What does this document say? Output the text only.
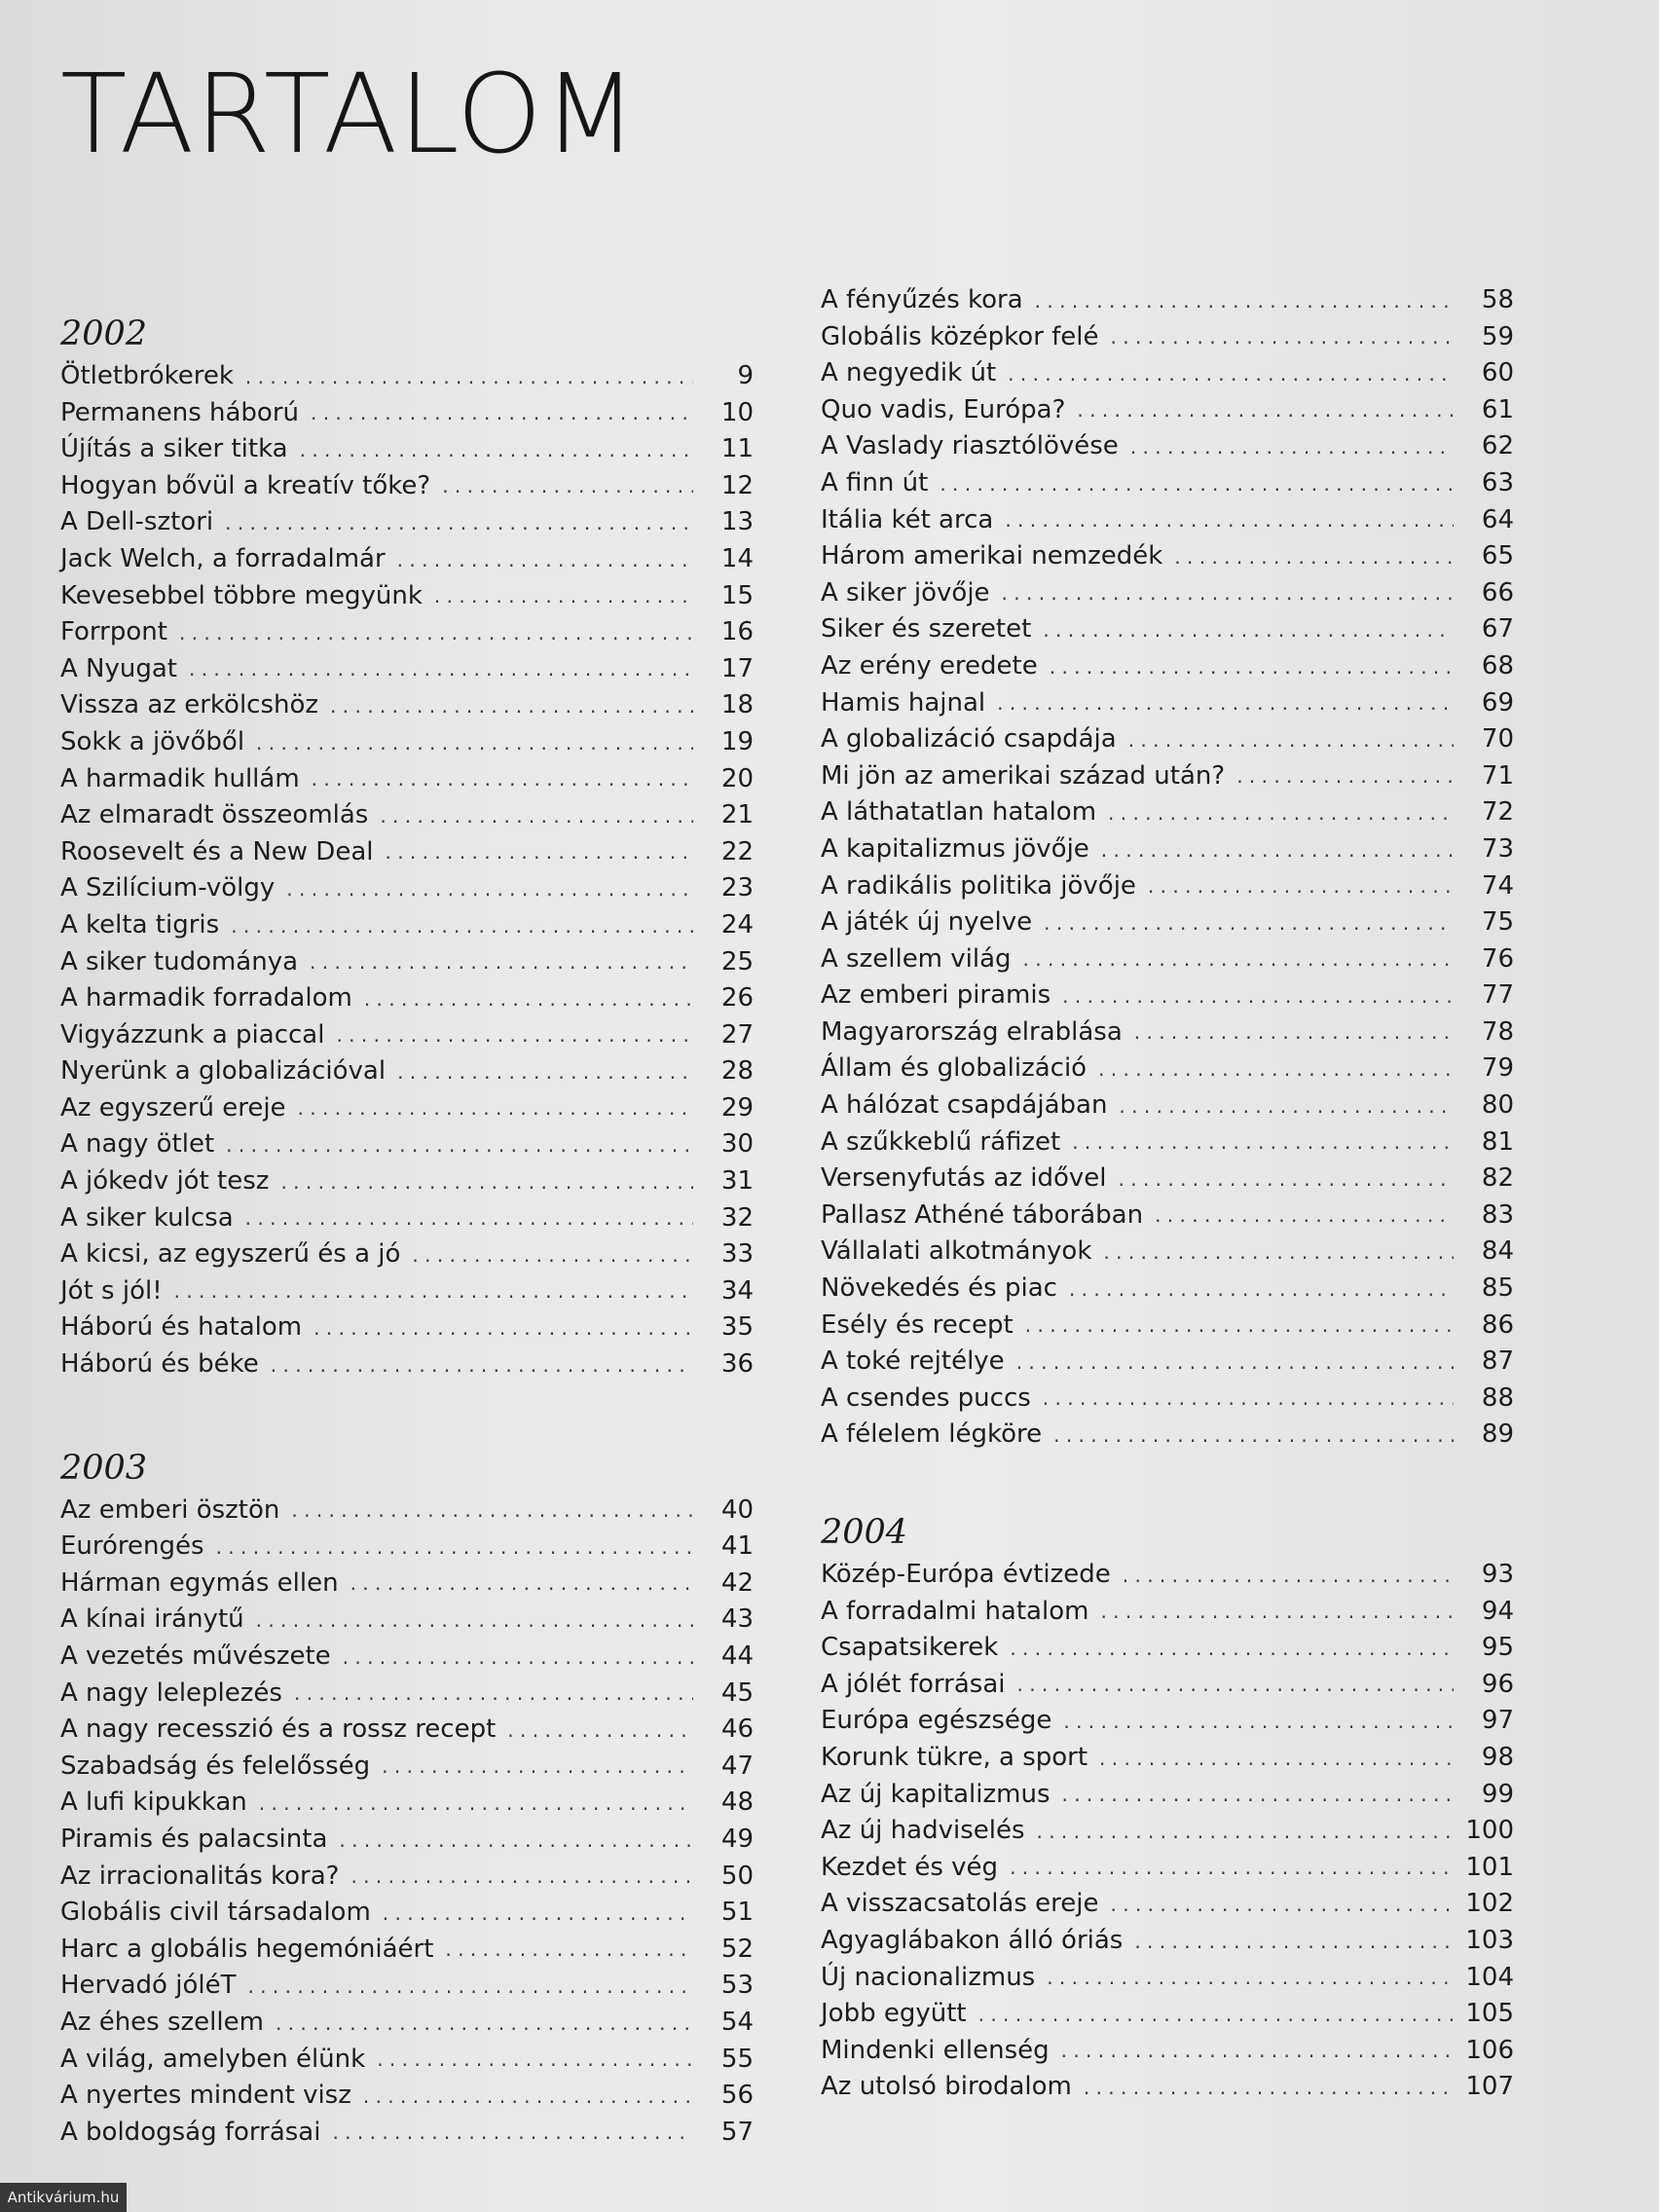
TARTALOM
2002
Ötletbrókerek . . .	9
Permanens háború . . .	10
Újítás a siker titka . . .	11
Hogyan bővül a kreatív tőke? . . .	12
A Dell-sztori . . .	13
Jack Welch, a forradalmár . . .	14
Kevesebbel többre megyünk . . .	15
Forrpont . . .	16
A Nyugat . . .	17
Vissza az erkölcshöz . . .	18
Sokk a jövőből . . .	19
A harmadik hullám . . .	20
Az elmaradt összeomlás . . .	21
Roosevelt és a New Deal . . .	22
A Szilícium-völgy . . .	23
A kelta tigris . . .	24
A siker tudománya . . .	25
A harmadik forradalom . . .	26
Vigyázzunk a piaccal . . .	27
Nyerünk a globalizációval . . .	28
Az egyszerű ereje . . .	29
A nagy ötlet . . .	30
A jókedv jót tesz . . .	31
A siker kulcsa . . .	32
A kicsi, az egyszerű és a jó . . .	33
Jót s jól! . . .	34
Háború és hatalom . . .	35
Háború és béke . . .	36
2003
Az emberi ösztön . . .	40
Eurórengés . . .	41
Hárman egymás ellen . . .	42
A kínai iránytű . . .	43
A vezetés művészete . . .	44
A nagy leleplezés . . .	45
A nagy recesszió és a rossz recept . . .	46
Szabadság és felelősség . . .	47
A lufi kipukkan . . .	48
Piramis és palacsinta . . .	49
Az irracionalitás kora? . . .	50
Globális civil társadalom . . .	51
Harc a globális hegemóniáért . . .	52
Hervadó jóléT . . .	53
Az éhes szellem . . .	54
A világ, amelyben élünk . . .	55
A nyertes mindent visz . . .	56
A boldogság forrásai . . .	57
A fényűzés kora . . .	58
Globális középkor felé . . .	59
A negyedik út . . .	60
Quo vadis, Európa? . . .	61
A Vaslady riasztólövése . . .	62
A finn út . . .	63
Itália két arca . . .	64
Három amerikai nemzedék . . .	65
A siker jövője . . .	66
Siker és szeretet . . .	67
Az erény eredete . . .	68
Hamis hajnal . . .	69
A globalizáció csapdája . . .	70
Mi jön az amerikai század után? . . .	71
A láthatatlan hatalom . . .	72
A kapitalizmus jövője . . .	73
A radikális politika jövője . . .	74
A játék új nyelve . . .	75
A szellem világ . . .	76
Az emberi piramis . . .	77
Magyarország elrablása . . .	78
Állam és globalizáció . . .	79
A hálózat csapdájában . . .	80
A szűkkeblű ráfizet . . .	81
Versenyfutás az idővel . . .	82
Pallasz Athéné táborában . . .	83
Vállalati alkotmányok . . .	84
Növekedés és piac . . .	85
Esély és recept . . .	86
A toké rejtélye . . .	87
A csendes puccs . . .	88
A félelem légköre . . .	89
2004
Közép-Európa évtizede . . .	93
A forradalmi hatalom . . .	94
Csapatsikerek . . .	95
A jólét forrásai . . .	96
Európa egészsége . . .	97
Korunk tükre, a sport . . .	98
Az új kapitalizmus . . .	99
Az új hadviselés . . .	100
Kezdet és vég . . .	101
A visszacsatolás ereje . . .	102
Agyaglábakon álló óriás . . .	103
Új nacionalizmus . . .	104
Jobb együtt . . .	105
Mindenki ellenség . . .	106
Az utolsó birodalom . . .	107
Antikvárium.hu
